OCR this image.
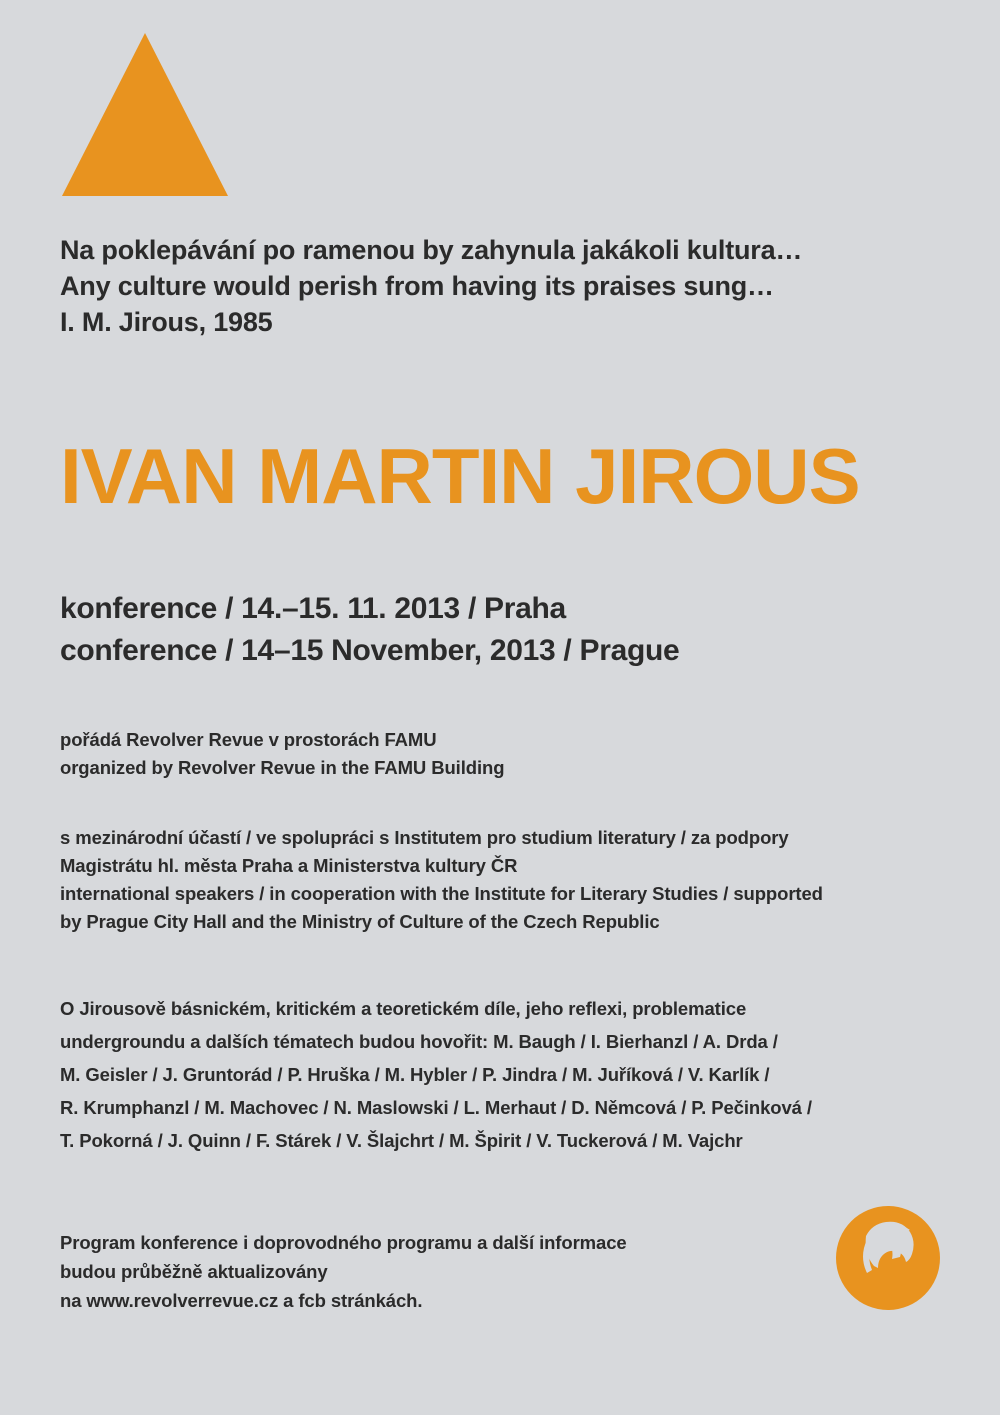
Na poklepávání po ramenou by zahynula jakákoli kultura…
Any culture would perish from having its praises sung…
I. M. Jirous, 1985
IVAN MARTIN JIROUS
konference / 14.–15. 11. 2013 / Praha
conference / 14–15 November, 2013 / Prague
pořádá Revolver Revue v prostorách FAMU
organized by Revolver Revue in the FAMU Building
s mezinárodní účastí / ve spolupráci s Institutem pro studium literatury / za podpory
Magistrátu hl. města Praha a Ministerstva kultury ČR
international speakers / in cooperation with the Institute for Literary Studies / supported
by Prague City Hall and the Ministry of Culture of the Czech Republic
O Jirousově básnickém, kritickém a teoretickém díle, jeho reflexi, problematice
undergroundu a dalších tématech budou hovořit: M. Baugh / I. Bierhanzl / A. Drda /
M. Geisler / J. Gruntorád / P. Hruška / M. Hybler / P. Jindra / M. Juříková / V. Karlík /
R. Krumphanzl / M. Machovec / N. Maslowski / L. Merhaut / D. Němcová / P. Pečinková /
T. Pokorná / J. Quinn / F. Stárek / V. Šlajchrt / M. Špirit / V. Tuckerová / M. Vajchr
Program konference i doprovodného programu a další informace
budou průběžně aktualizovány
na www.revolverrevue.cz a fcb stránkách.
